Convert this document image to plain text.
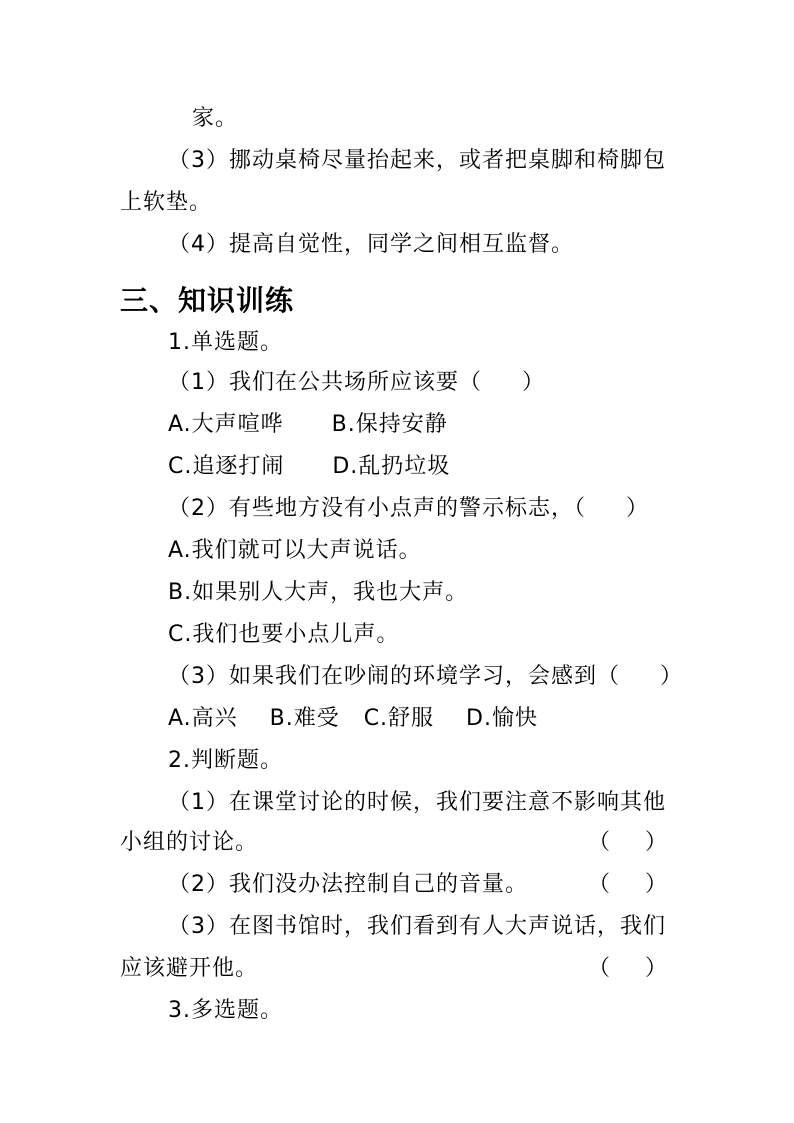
家。
（3）挪动桌椅尽量抬起来，或者把桌脚和椅脚包
上软垫。
（4）提高自觉性，同学之间相互监督。
三、知识训练
1.单选题。
（1）我们在公共场所应该要（     ）
A.大声喧哗      B.保持安静
C.追逐打闹      D.乱扔垃圾
（2）有些地方没有小点声的警示标志，（     ）
A.我们就可以大声说话。
B.如果别人大声，我也大声。
C.我们也要小点儿声。
（3）如果我们在吵闹的环境学习，会感到（     ）
A.高兴    B.难受   C.舒服    D.愉快
2.判断题。
（1）在课堂讨论的时候，我们要注意不影响其他
小组的讨论。	（     ）
（2）我们没办法控制自己的音量。	（     ）
（3）在图书馆时，我们看到有人大声说话，我们
应该避开他。	（     ）
3.多选题。
